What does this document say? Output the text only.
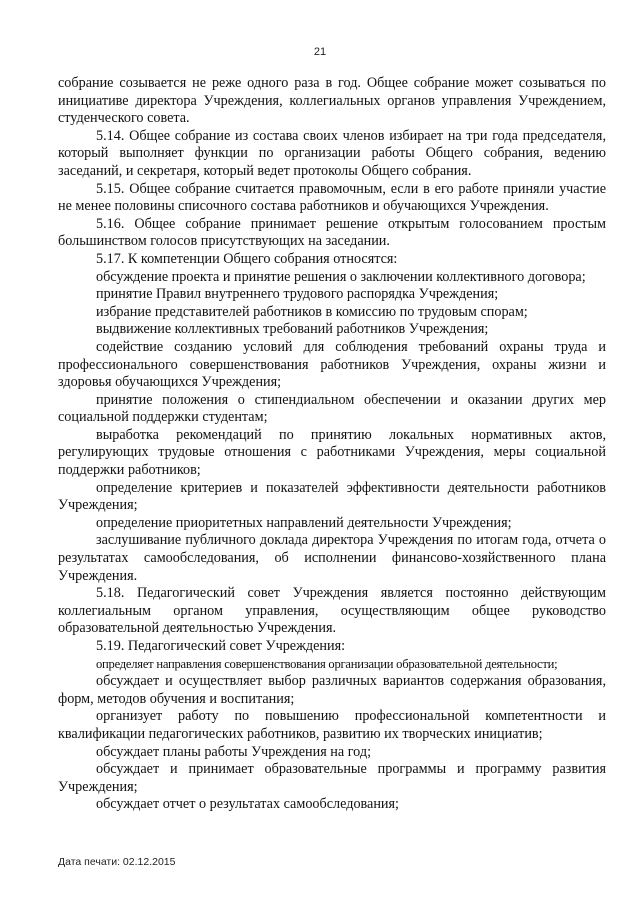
21

собрание созывается не реже одного раза в год. Общее собрание может созываться по инициативе директора Учреждения, коллегиальных органов управления Учреждением, студенческого совета.

5.14. Общее собрание из состава своих членов избирает на три года председателя, который выполняет функции по организации работы Общего собрания, ведению заседаний, и секретаря, который ведет протоколы Общего собрания.

5.15. Общее собрание считается правомочным, если в его работе приняли участие не менее половины списочного состава работников и обучающихся Учреждения.

5.16. Общее собрание принимает решение открытым голосованием простым большинством голосов присутствующих на заседании.

5.17. К компетенции Общего собрания относятся:

обсуждение проекта и принятие решения о заключении коллективного договора;

принятие Правил внутреннего трудового распорядка Учреждения;

избрание представителей работников в комиссию по трудовым спорам;

выдвижение коллективных требований работников Учреждения;

содействие созданию условий для соблюдения требований охраны труда и профессионального совершенствования работников Учреждения, охраны жизни и здоровья обучающихся Учреждения;

принятие положения о стипендиальном обеспечении и оказании других мер социальной поддержки студентам;

выработка рекомендаций по принятию локальных нормативных актов, регулирующих трудовые отношения с работниками Учреждения, меры социальной поддержки работников;

определение критериев и показателей эффективности деятельности работников Учреждения;

определение приоритетных направлений деятельности Учреждения;

заслушивание публичного доклада директора Учреждения по итогам года, отчета о результатах самообследования, об исполнении финансово-хозяйственного плана Учреждения.

5.18. Педагогический совет Учреждения является постоянно действующим коллегиальным органом управления, осуществляющим общее руководство образовательной деятельностью Учреждения.

5.19. Педагогический совет Учреждения:

определяет направления совершенствования организации образовательной деятельности;

обсуждает и осуществляет выбор различных вариантов содержания образования, форм, методов обучения и воспитания;

организует работу по повышению профессиональной компетентности и квалификации педагогических работников, развитию их творческих инициатив;

обсуждает планы работы Учреждения на год;

обсуждает и принимает образовательные программы и программу развития Учреждения;

обсуждает отчет о результатах самообследования;

Дата печати: 02.12.2015
